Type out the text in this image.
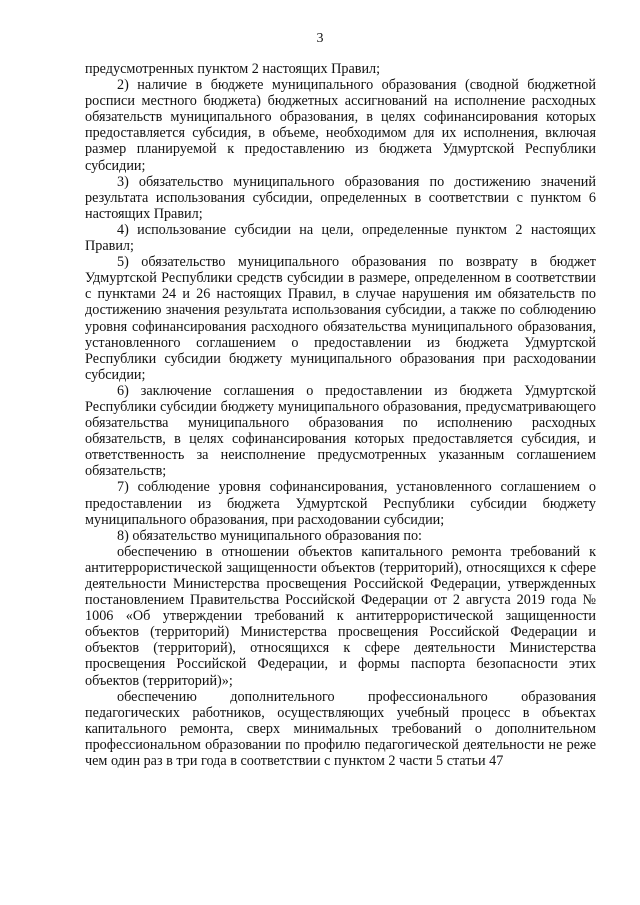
3

предусмотренных пунктом 2 настоящих Правил;

2) наличие в бюджете муниципального образования (сводной бюджетной росписи местного бюджета) бюджетных ассигнований на исполнение расходных обязательств муниципального образования, в целях софинансирования которых предоставляется субсидия, в объеме, необходимом для их исполнения, включая размер планируемой к предоставлению из бюджета Удмуртской Республики субсидии;

3) обязательство муниципального образования по достижению значений результата использования субсидии, определенных в соответствии с пунктом 6 настоящих Правил;

4) использование субсидии на цели, определенные пунктом 2 настоящих Правил;

5) обязательство муниципального образования по возврату в бюджет Удмуртской Республики средств субсидии в размере, определенном в соответствии с пунктами 24 и 26 настоящих Правил, в случае нарушения им обязательств по достижению значения результата использования субсидии, а также по соблюдению уровня софинансирования расходного обязательства муниципального образования, установленного соглашением о предоставлении из бюджета Удмуртской Республики субсидии бюджету муниципального образования при расходовании субсидии;

6) заключение соглашения о предоставлении из бюджета Удмуртской Республики субсидии бюджету муниципального образования, предусматривающего обязательства муниципального образования по исполнению расходных обязательств, в целях софинансирования которых предоставляется субсидия, и ответственность за неисполнение предусмотренных указанным соглашением обязательств;

7) соблюдение уровня софинансирования, установленного соглашением о предоставлении из бюджета Удмуртской Республики субсидии бюджету муниципального образования, при расходовании субсидии;

8) обязательство муниципального образования по:

обеспечению в отношении объектов капитального ремонта требований к антитеррористической защищенности объектов (территорий), относящихся к сфере деятельности Министерства просвещения Российской Федерации, утвержденных постановлением Правительства Российской Федерации от 2 августа 2019 года № 1006 «Об утверждении требований к антитеррористической защищенности объектов (территорий) Министерства просвещения Российской Федерации и объектов (территорий), относящихся к сфере деятельности Министерства просвещения Российской Федерации, и формы паспорта безопасности этих объектов (территорий)»;

обеспечению дополнительного профессионального образования педагогических работников, осуществляющих учебный процесс в объектах капитального ремонта, сверх минимальных требований о дополнительном профессиональном образовании по профилю педагогической деятельности не реже чем один раз в три года в соответствии с пунктом 2 части 5 статьи 47
